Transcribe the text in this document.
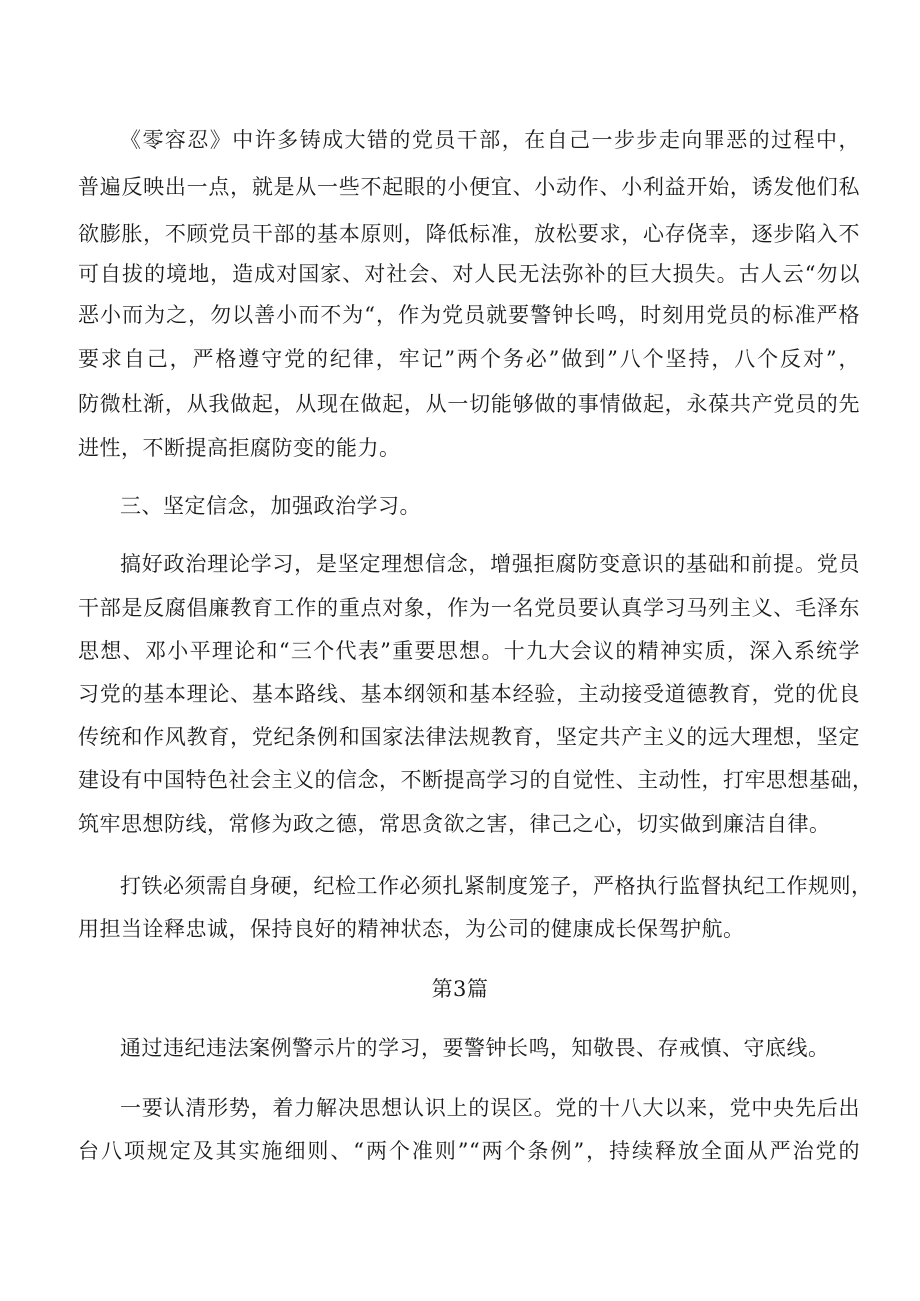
《零容忍》中许多铸成大错的党员干部，在自己一步步走向罪恶的过程中，
普遍反映出一点，就是从一些不起眼的小便宜、小动作、小利益开始，诱发他们私
欲膨胀，不顾党员干部的基本原则，降低标准，放松要求，心存侥幸，逐步陷入不
可自拔的境地，造成对国家、对社会、对人民无法弥补的巨大损失。古人云“勿以
恶小而为之，勿以善小而不为“，作为党员就要警钟长鸣，时刻用党员的标准严格
要求自己，严格遵守党的纪律，牢记”两个务必”做到”八个坚持，八个反对”，
防微杜渐，从我做起，从现在做起，从一切能够做的事情做起，永葆共产党员的先
进性，不断提高拒腐防变的能力。
三、坚定信念，加强政治学习。
搞好政治理论学习，是坚定理想信念，增强拒腐防变意识的基础和前提。党员
干部是反腐倡廉教育工作的重点对象，作为一名党员要认真学习马列主义、毛泽东
思想、邓小平理论和“三个代表”重要思想。十九大会议的精神实质，深入系统学
习党的基本理论、基本路线、基本纲领和基本经验，主动接受道德教育，党的优良
传统和作风教育，党纪条例和国家法律法规教育，坚定共产主义的远大理想，坚定
建设有中国特色社会主义的信念，不断提高学习的自觉性、主动性，打牢思想基础，
筑牢思想防线，常修为政之德，常思贪欲之害，律己之心，切实做到廉洁自律。
打铁必须需自身硬，纪检工作必须扎紧制度笼子，严格执行监督执纪工作规则，
用担当诠释忠诚，保持良好的精神状态，为公司的健康成长保驾护航。
第3篇
通过违纪违法案例警示片的学习，要警钟长鸣，知敬畏、存戒慎、守底线。
一要认清形势，着力解决思想认识上的误区。党的十八大以来，党中央先后出
台八项规定及其实施细则、“两个准则”“两个条例”，持续释放全面从严治党的
